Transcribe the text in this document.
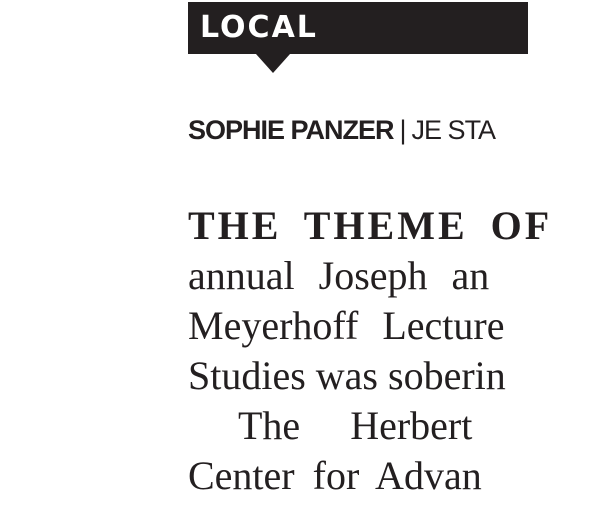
LOCAL
SOPHIE PANZER | JE STA
THE THEME OF
annual Joseph an
Meyerhoff Lecture
Studies was soberin
The Herbert
Center for Advan
